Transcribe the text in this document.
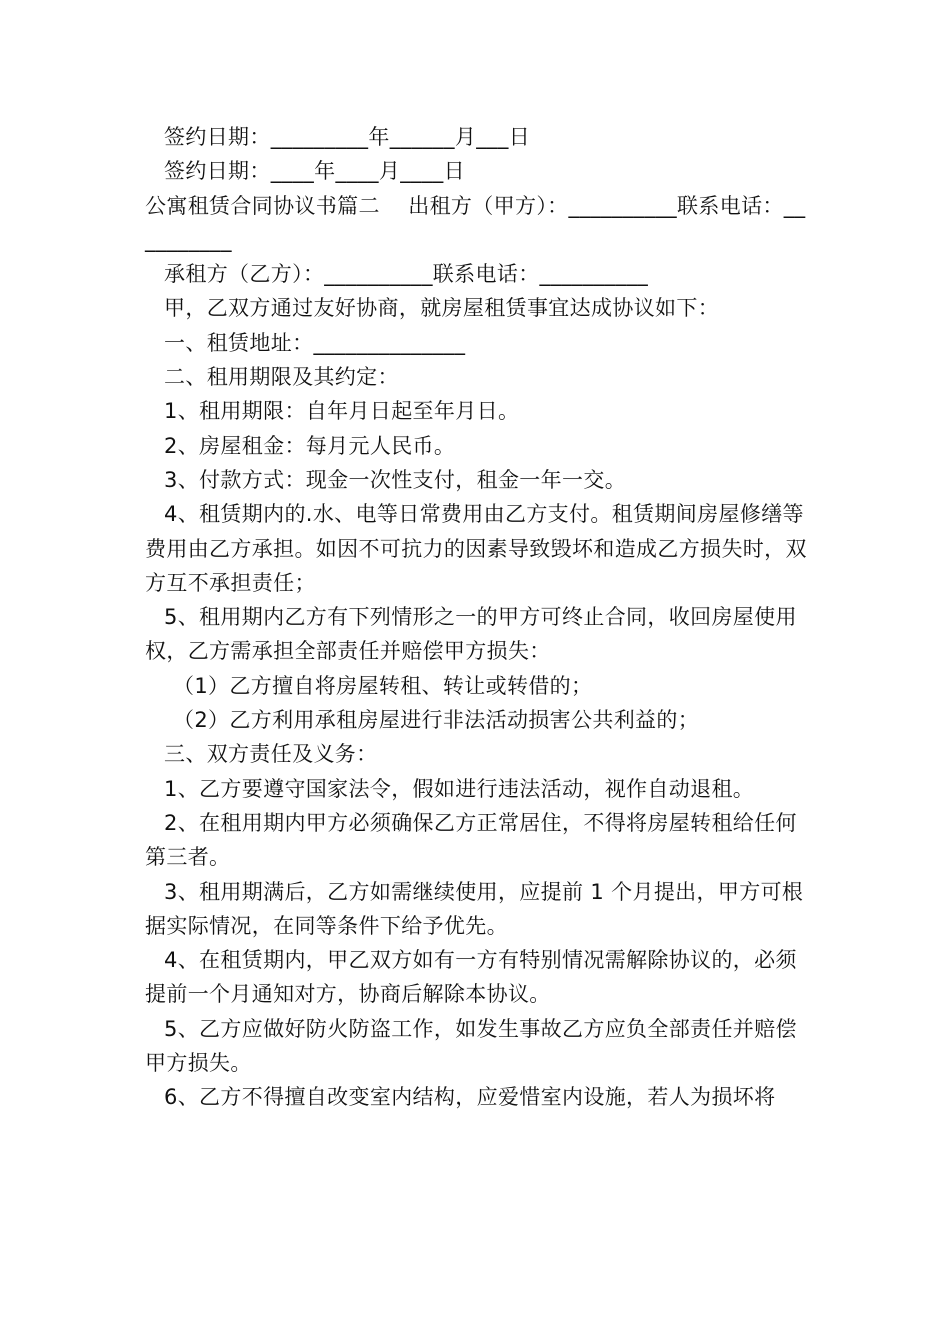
签约日期：_________年______月___日
签约日期：____年____月____日
公寓租赁合同协议书篇二　 出租方（甲方）：__________联系电话：__________
承租方（乙方）：__________联系电话：__________
甲，乙双方通过友好协商，就房屋租赁事宜达成协议如下：
一、租赁地址：______________
二、租用期限及其约定：
1、租用期限：自年月日起至年月日。
2、房屋租金：每月元人民币。
3、付款方式：现金一次性支付，租金一年一交。
4、租赁期内的.水、电等日常费用由乙方支付。租赁期间房屋修缮等费用由乙方承担。如因不可抗力的因素导致毁坏和造成乙方损失时，双方互不承担责任；
5、租用期内乙方有下列情形之一的甲方可终止合同，收回房屋使用权，乙方需承担全部责任并赔偿甲方损失：
（1）乙方擅自将房屋转租、转让或转借的；
（2）乙方利用承租房屋进行非法活动损害公共利益的；
三、双方责任及义务：
1、乙方要遵守国家法令，假如进行违法活动，视作自动退租。
2、在租用期内甲方必须确保乙方正常居住，不得将房屋转租给任何第三者。
3、租用期满后，乙方如需继续使用，应提前 1 个月提出，甲方可根据实际情况，在同等条件下给予优先。
4、在租赁期内，甲乙双方如有一方有特别情况需解除协议的，必须提前一个月通知对方，协商后解除本协议。
5、乙方应做好防火防盗工作，如发生事故乙方应负全部责任并赔偿甲方损失。
6、乙方不得擅自改变室内结构，应爱惜室内设施，若人为损坏将
